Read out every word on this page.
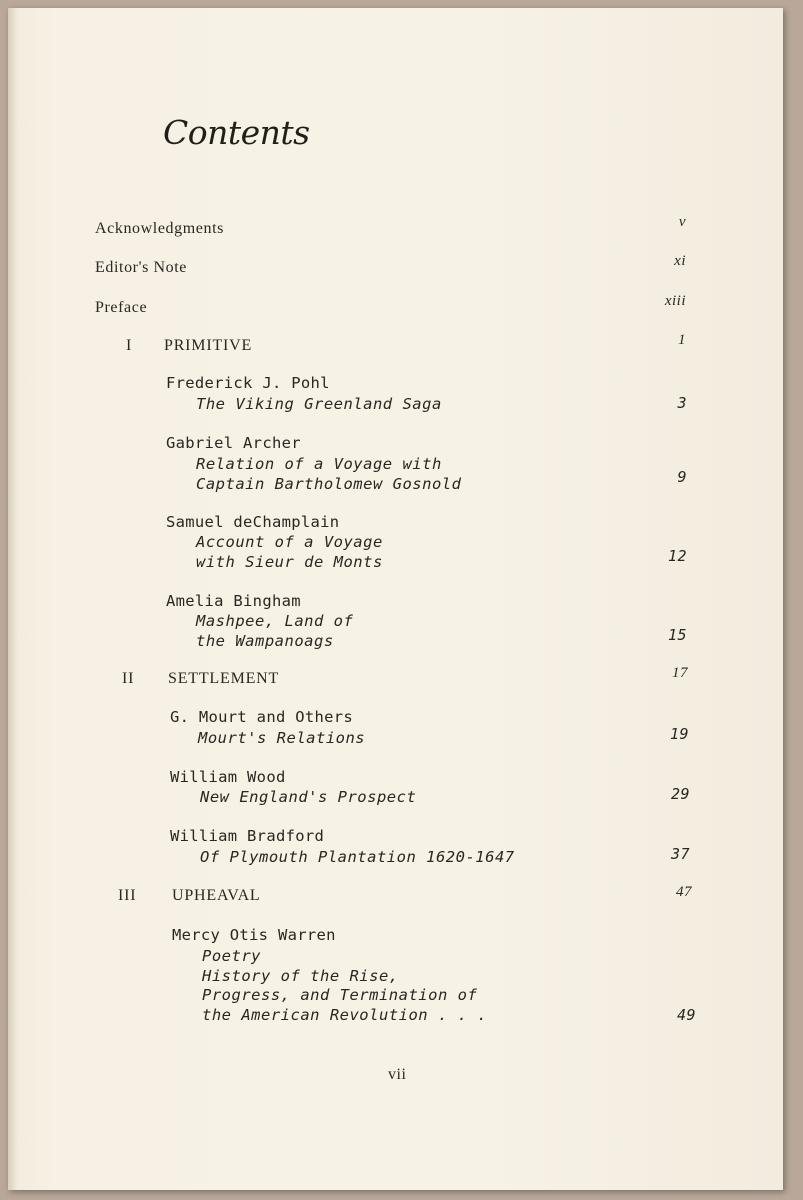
Contents
Acknowledgments	v
Editor's Note	xi
Preface	xiii
I PRIMITIVE	1
Frederick J. Pohl
The Viking Greenland Saga	3
Gabriel Archer
Relation of a Voyage with
Captain Bartholomew Gosnold	9
Samuel deChamplain
Account of a Voyage
with Sieur de Monts	12
Amelia Bingham
Mashpee, Land of
the Wampanoags	15
II SETTLEMENT	17
G. Mourt and Others
Mourt's Relations	19
William Wood
New England's Prospect	29
William Bradford
Of Plymouth Plantation 1620-1647	37
III UPHEAVAL	47
Mercy Otis Warren
Poetry
History of the Rise,
Progress, and Termination of
the American Revolution . . .	49
vii
